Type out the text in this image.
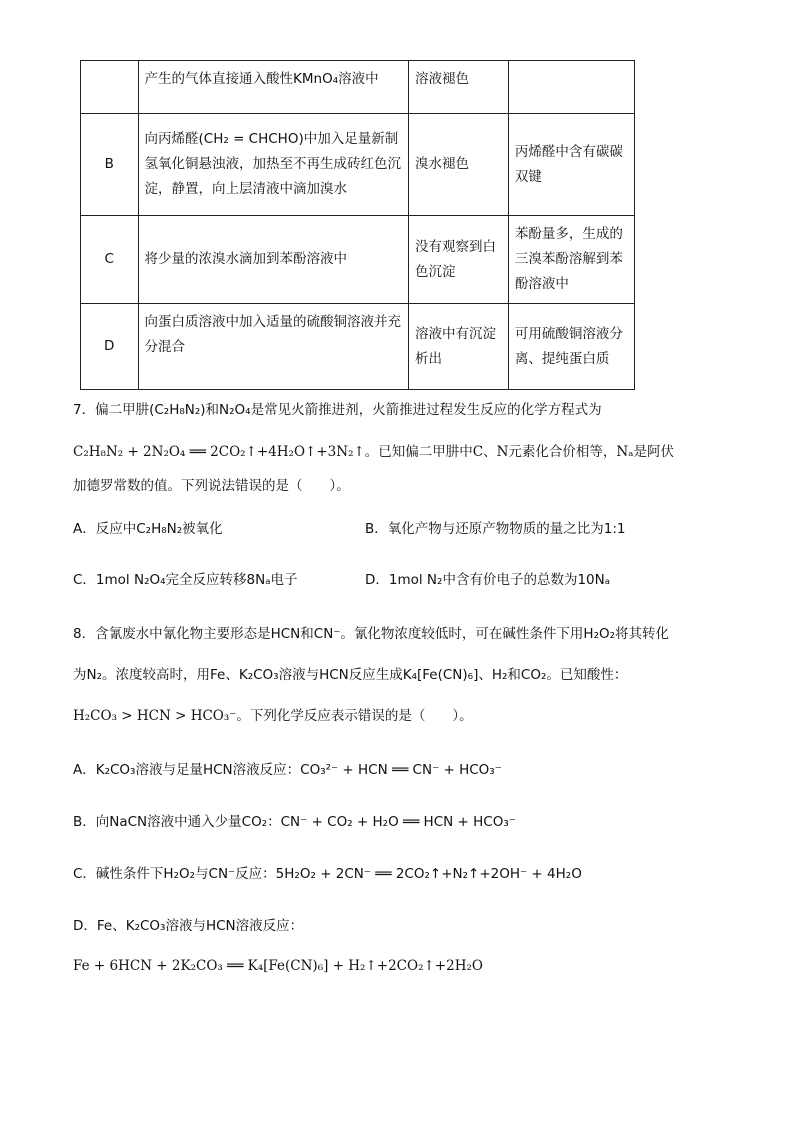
	产生的气体直接通入酸性KMnO₄溶液中	溶液褪色	
B	向丙烯醛(CH₂ = CHCHO)中加入足量新制氢氧化铜悬浊液，加热至不再生成砖红色沉淀，静置，向上层清液中滴加溴水	溴水褪色	丙烯醛中含有碳碳双键
C	将少量的浓溴水滴加到苯酚溶液中	没有观察到白色沉淀	苯酚量多，生成的三溴苯酚溶解到苯酚溶液中
D	向蛋白质溶液中加入适量的硫酸铜溶液并充分混合	溶液中有沉淀析出	可用硫酸铜溶液分离、提纯蛋白质
7．偏二甲肼(C₂H₈N₂)和N₂O₄是常见火箭推进剂，火箭推进过程发生反应的化学方程式为
C₂H₈N₂ + 2N₂O₄ ══ 2CO₂↑+4H₂O↑+3N₂↑。已知偏二甲肼中C、N元素化合价相等，Nₐ是阿伏
加德罗常数的值。下列说法错误的是（　　）。
A．反应中C₂H₈N₂被氧化	B．氧化产物与还原产物物质的量之比为1:1
C．1mol N₂O₄完全反应转移8Nₐ电子	D．1mol N₂中含有价电子的总数为10Nₐ
8．含氰废水中氰化物主要形态是HCN和CN⁻。氰化物浓度较低时，可在碱性条件下用H₂O₂将其转化
为N₂。浓度较高时，用Fe、K₂CO₃溶液与HCN反应生成K₄[Fe(CN)₆]、H₂和CO₂。已知酸性：
H₂CO₃ > HCN > HCO₃⁻。下列化学反应表示错误的是（　　）。
A．K₂CO₃溶液与足量HCN溶液反应：CO₃²⁻ + HCN ══ CN⁻ + HCO₃⁻
B．向NaCN溶液中通入少量CO₂：CN⁻ + CO₂ + H₂O ══ HCN + HCO₃⁻
C．碱性条件下H₂O₂与CN⁻反应：5H₂O₂ + 2CN⁻ ══ 2CO₂↑+N₂↑+2OH⁻ + 4H₂O
D．Fe、K₂CO₃溶液与HCN溶液反应：
Fe + 6HCN + 2K₂CO₃ ══ K₄[Fe(CN)₆] + H₂↑+2CO₂↑+2H₂O
